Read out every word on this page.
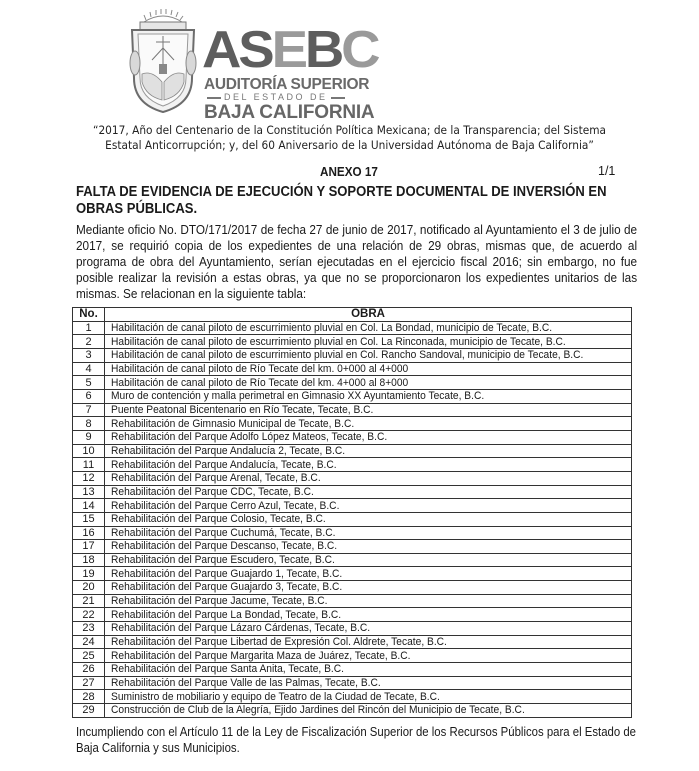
ASEBC
AUDITORÍA SUPERIOR
DEL ESTADO DE
BAJA CALIFORNIA
“2017, Año del Centenario de la Constitución Política Mexicana; de la Transparencia; del Sistema
Estatal Anticorrupción; y, del 60 Aniversario de la Universidad Autónoma de Baja California”
ANEXO 17	1/1
FALTA DE EVIDENCIA DE EJECUCIÓN Y SOPORTE DOCUMENTAL DE INVERSIÓN EN
OBRAS PÚBLICAS.
Mediante oficio No. DTO/171/2017 de fecha 27 de junio de 2017, notificado al Ayuntamiento el 3 de julio de 2017, se requirió copia de los expedientes de una relación de 29 obras, mismas que, de acuerdo al programa de obra del Ayuntamiento, serían ejecutadas en el ejercicio fiscal 2016; sin embargo, no fue posible realizar la revisión a estas obras, ya que no se proporcionaron los expedientes unitarios de las mismas. Se relacionan en la siguiente tabla:
No.	OBRA
1	Habilitación de canal piloto de escurrimiento pluvial en Col. La Bondad, municipio de Tecate, B.C.
2	Habilitación de canal piloto de escurrimiento pluvial en Col. La Rinconada, municipio de Tecate, B.C.
3	Habilitación de canal piloto de escurrimiento pluvial en Col. Rancho Sandoval, municipio de Tecate, B.C.
4	Habilitación de canal piloto de Río Tecate del km. 0+000 al 4+000
5	Habilitación de canal piloto de Río Tecate del km. 4+000 al 8+000
6	Muro de contención y malla perimetral en Gimnasio XX Ayuntamiento Tecate, B.C.
7	Puente Peatonal Bicentenario en Río Tecate, Tecate, B.C.
8	Rehabilitación de Gimnasio Municipal de Tecate, B.C.
9	Rehabilitación del Parque Adolfo López Mateos, Tecate, B.C.
10	Rehabilitación del Parque Andalucía 2, Tecate, B.C.
11	Rehabilitación del Parque Andalucía, Tecate, B.C.
12	Rehabilitación del Parque Arenal, Tecate, B.C.
13	Rehabilitación del Parque CDC, Tecate, B.C.
14	Rehabilitación del Parque Cerro Azul, Tecate, B.C.
15	Rehabilitación del Parque Colosio, Tecate, B.C.
16	Rehabilitación del Parque Cuchumá, Tecate, B.C.
17	Rehabilitación del Parque Descanso, Tecate, B.C.
18	Rehabilitación del Parque Escudero, Tecate, B.C.
19	Rehabilitación del Parque Guajardo 1, Tecate, B.C.
20	Rehabilitación del Parque Guajardo 3, Tecate, B.C.
21	Rehabilitación del Parque Jacume, Tecate, B.C.
22	Rehabilitación del Parque La Bondad, Tecate, B.C.
23	Rehabilitación del Parque Lázaro Cárdenas, Tecate, B.C.
24	Rehabilitación del Parque Libertad de Expresión Col. Aldrete, Tecate, B.C.
25	Rehabilitación del Parque Margarita Maza de Juárez, Tecate, B.C.
26	Rehabilitación del Parque Santa Anita, Tecate, B.C.
27	Rehabilitación del Parque Valle de las Palmas, Tecate, B.C.
28	Suministro de mobiliario y equipo de Teatro de la Ciudad de Tecate, B.C.
29	Construcción de Club de la Alegría, Ejido Jardines del Rincón del Municipio de Tecate, B.C.
Incumpliendo con el Artículo 11 de la Ley de Fiscalización Superior de los Recursos Públicos para el Estado de Baja California y sus Municipios.
